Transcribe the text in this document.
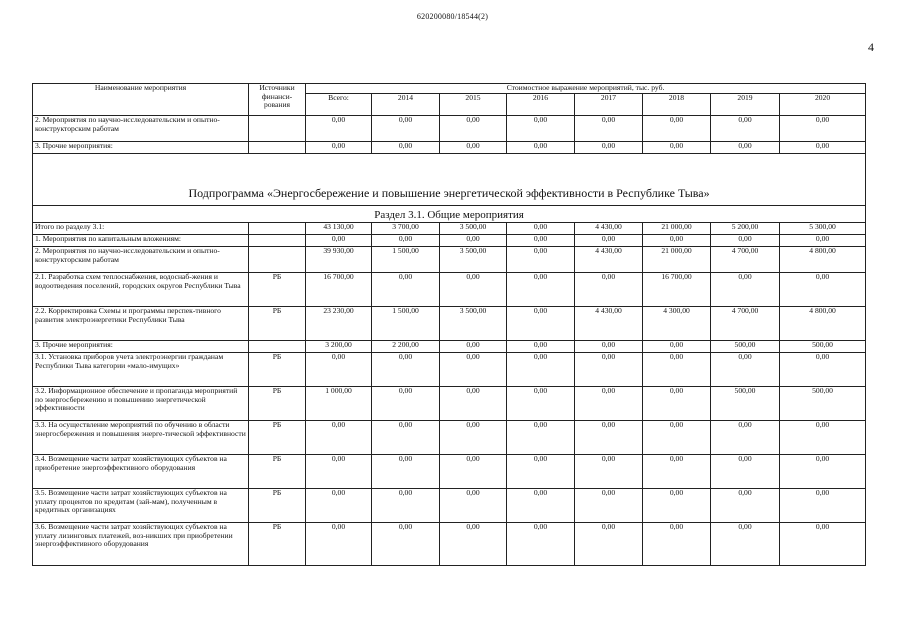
620200080/18544(2)
4
Наименование мероприятия	Источники финанси-рования	Стоимостное выражение мероприятий, тыс. руб.							
		Всего:	2014	2015	2016	2017	2018	2019	2020
2. Мероприятия по научно-исследовательским и опытно-конструкторским работам		0,00	0,00	0,00	0,00	0,00	0,00	0,00	0,00
3. Прочие мероприятия:		0,00	0,00	0,00	0,00	0,00	0,00	0,00	0,00
Подпрограмма «Энергосбережение и повышение энергетической эффективности в Республике Тыва»									
Раздел 3.1. Общие мероприятия									
Итого по разделу 3.1:		43 130,00	3 700,00	3 500,00	0,00	4 430,00	21 000,00	5 200,00	5 300,00
1. Мероприятия по капитальным вложениям:		0,00	0,00	0,00	0,00	0,00	0,00	0,00	0,00
2. Мероприятия по научно-исследовательским и опытно-конструкторским работам		39 930,00	1 500,00	3 500,00	0,00	4 430,00	21 000,00	4 700,00	4 800,00
2.1. Разработка схем теплоснабжения, водоснаб-жения и водоотведения поселений, городских округов Республики Тыва	РБ	16 700,00	0,00	0,00	0,00	0,00	16 700,00	0,00	0,00
2.2. Корректировка Схемы и программы перспек-тивного развития электроэнергетики Республики Тыва	РБ	23 230,00	1 500,00	3 500,00	0,00	4 430,00	4 300,00	4 700,00	4 800,00
3. Прочие мероприятия:		3 200,00	2 200,00	0,00	0,00	0,00	0,00	500,00	500,00
3.1. Установка приборов учета электроэнергии гражданам Республики Тыва категории «мало-имущих»	РБ	0,00	0,00	0,00	0,00	0,00	0,00	0,00	0,00
3.2. Информационное обеспечение и пропаганда мероприятий по энергосбережению и повышению энергетической эффективности	РБ	1 000,00	0,00	0,00	0,00	0,00	0,00	500,00	500,00
3.3. На осуществление мероприятий по обучению в области энергосбережения и повышения энерге-тической эффективности	РБ	0,00	0,00	0,00	0,00	0,00	0,00	0,00	0,00
3.4. Возмещение части затрат хозяйствующих субъектов на приобретение энергоэффективного оборудования	РБ	0,00	0,00	0,00	0,00	0,00	0,00	0,00	0,00
3.5. Возмещение части затрат хозяйствующих субъектов на уплату процентов по кредитам (зай-мам), полученным в кредитных организациях	РБ	0,00	0,00	0,00	0,00	0,00	0,00	0,00	0,00
3.6. Возмещение части затрат хозяйствующих субъектов на уплату лизинговых платежей, воз-никших при приобретении энергоэффективного оборудования	РБ	0,00	0,00	0,00	0,00	0,00	0,00	0,00	0,00
